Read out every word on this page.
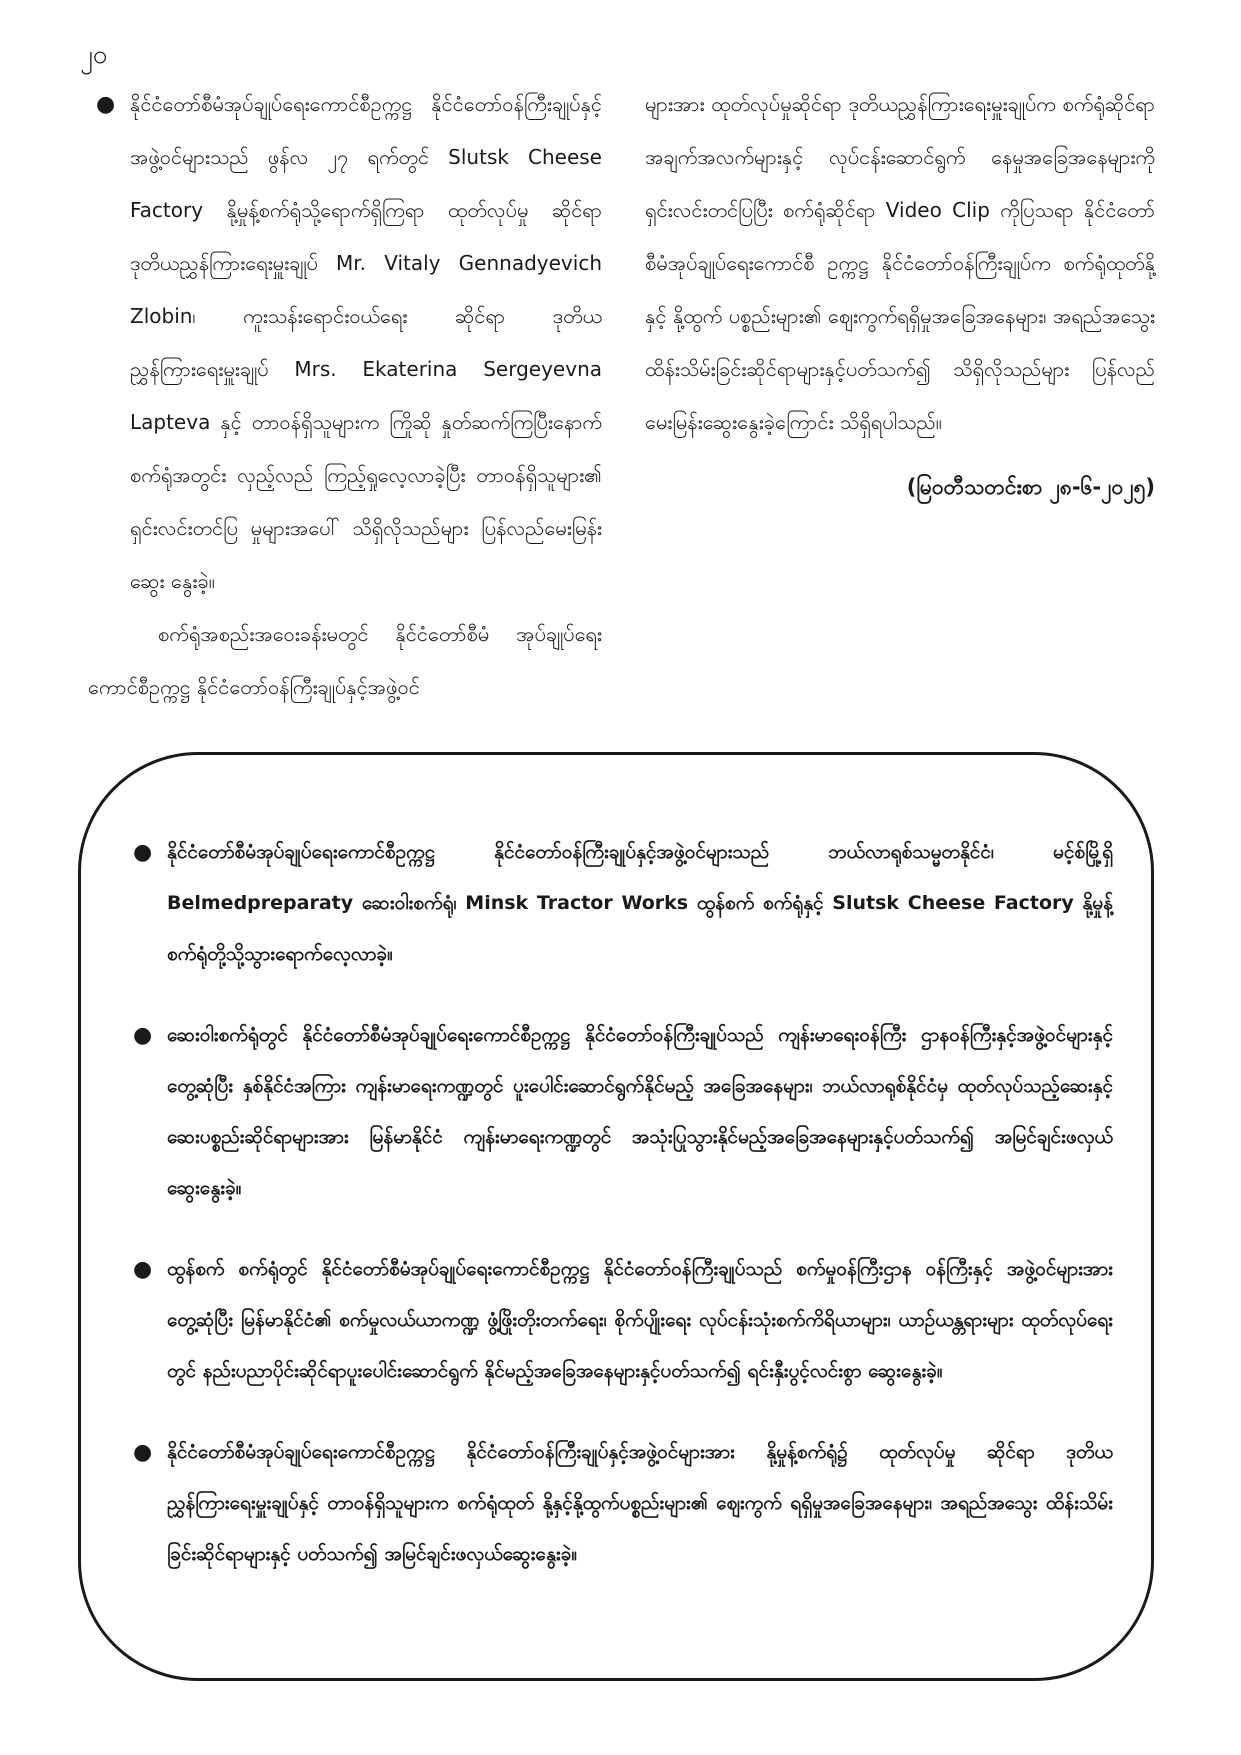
၂၀

● နိုင်ငံတော်စီမံအုပ်ချုပ်ရေးကောင်စီဥက္ကဋ္ဌ နိုင်ငံတော်ဝန်ကြီးချုပ်နှင့် အဖွဲ့ဝင်များသည် ဖွန်လ ၂၇ ရက်တွင် Slutsk Cheese Factory နို့မှုန့်စက်ရုံသို့ရောက်ရှိကြရာ ထုတ်လုပ်မှု ဆိုင်ရာ ဒုတိယညွှန်ကြားရေးမှူးချုပ် Mr. Vitaly Gennadyevich Zlobin၊ ကူးသန်းရောင်းဝယ်ရေး ဆိုင်ရာ ဒုတိယညွှန်ကြားရေးမှူးချုပ် Mrs. Ekaterina Sergeyevna Lapteva နှင့် တာဝန်ရှိသူများက ကြိုဆို နှုတ်ဆက်ကြပြီးနောက် စက်ရုံအတွင်း လှည့်လည် ကြည့်ရှုလေ့လာခဲ့ပြီး တာဝန်ရှိသူများ၏ ရှင်းလင်းတင်ပြ မှုများအပေါ် သိရှိလိုသည်များ ပြန်လည်မေးမြန်းဆွေး နွေးခဲ့။

စက်ရုံအစည်းအဝေးခန်းမတွင် နိုင်ငံတော်စီမံ အုပ်ချုပ်ရေးကောင်စီဥက္ကဋ္ဌ နိုင်ငံတော်ဝန်ကြီးချုပ်နှင့်အဖွဲ့ဝင်

များအား ထုတ်လုပ်မှုဆိုင်ရာ ဒုတိယညွှန်ကြားရေးမှူးချုပ်က စက်ရုံဆိုင်ရာအချက်အလက်များနှင့် လုပ်ငန်းဆောင်ရွက် နေမှုအခြေအနေများကို ရှင်းလင်းတင်ပြပြီး စက်ရုံဆိုင်ရာ Video Clip ကိုပြသရာ နိုင်ငံတော်စီမံအုပ်ချုပ်ရေးကောင်စီ ဥက္ကဋ္ဌ နိုင်ငံတော်ဝန်ကြီးချုပ်က စက်ရုံထုတ်နို့နှင့် နို့ထွက် ပစ္စည်းများ၏ ဈေးကွက်ရရှိမှုအခြေအနေများ၊ အရည်အသွေး ထိန်းသိမ်းခြင်းဆိုင်ရာများနှင့်ပတ်သက်၍ သိရှိလိုသည်များ ပြန်လည်မေးမြန်းဆွေးနွေးခဲ့ကြောင်း သိရှိရပါသည်။

(မြဝတီသတင်းစာ ၂၈-၆-၂၀၂၅)

● နိုင်ငံတော်စီမံအုပ်ချုပ်ရေးကောင်စီဥက္ကဋ္ဌ နိုင်ငံတော်ဝန်ကြီးချုပ်နှင့်အဖွဲ့ဝင်များသည် ဘယ်လာရုစ်သမ္မတနိုင်ငံ၊ မင့်စ်မြို့ရှိ Belmedpreparaty ဆေးဝါးစက်ရုံ၊ Minsk Tractor Works ထွန်စက် စက်ရုံနှင့် Slutsk Cheese Factory နို့မှုန့်စက်ရုံတို့သို့သွားရောက်လေ့လာခဲ့။
● ဆေးဝါးစက်ရုံတွင် နိုင်ငံတော်စီမံအုပ်ချုပ်ရေးကောင်စီဥက္ကဋ္ဌ နိုင်ငံတော်ဝန်ကြီးချုပ်သည် ကျန်းမာရေးဝန်ကြီး ဌာနဝန်ကြီးနှင့်အဖွဲ့ဝင်များနှင့်တွေ့ဆုံပြီး နှစ်နိုင်ငံအကြား ကျန်းမာရေးကဏ္ဍတွင် ပူးပေါင်းဆောင်ရွက်နိုင်မည့် အခြေအနေများ၊ ဘယ်လာရုစ်နိုင်ငံမှ ထုတ်လုပ်သည့်ဆေးနှင့် ဆေးပစ္စည်းဆိုင်ရာများအား မြန်မာနိုင်ငံ ကျန်းမာရေးကဏ္ဍတွင် အသုံးပြုသွားနိုင်မည့်အခြေအနေများနှင့်ပတ်သက်၍ အမြင်ချင်းဖလှယ်ဆွေးနွေးခဲ့။
● ထွန်စက် စက်ရုံတွင် နိုင်ငံတော်စီမံအုပ်ချုပ်ရေးကောင်စီဥက္ကဋ္ဌ နိုင်ငံတော်ဝန်ကြီးချုပ်သည် စက်မှုဝန်ကြီးဌာန ဝန်ကြီးနှင့် အဖွဲ့ဝင်များအားတွေ့ဆုံပြီး မြန်မာနိုင်ငံ၏ စက်မှုလယ်ယာကဏ္ဍ ဖွံ့ဖြိုးတိုးတက်ရေး၊ စိုက်ပျိုးရေး လုပ်ငန်းသုံးစက်ကိရိယာများ၊ ယာဉ်ယန္တရားများ ထုတ်လုပ်ရေးတွင် နည်းပညာပိုင်းဆိုင်ရာပူးပေါင်းဆောင်ရွက် နိုင်မည့်အခြေအနေများနှင့်ပတ်သက်၍ ရင်းနှီးပွင့်လင်းစွာ ဆွေးနွေးခဲ့။
● နိုင်ငံတော်စီမံအုပ်ချုပ်ရေးကောင်စီဥက္ကဋ္ဌ နိုင်ငံတော်ဝန်ကြီးချုပ်နှင့်အဖွဲ့ဝင်များအား နို့မှုန့်စက်ရုံ၌ ထုတ်လုပ်မှု ဆိုင်ရာ ဒုတိယညွှန်ကြားရေးမှူးချုပ်နှင့် တာဝန်ရှိသူများက စက်ရုံထုတ် နို့နှင့်နို့ထွက်ပစ္စည်းများ၏ ဈေးကွက် ရရှိမှုအခြေအနေများ၊ အရည်အသွေး ထိန်းသိမ်းခြင်းဆိုင်ရာများနှင့် ပတ်သက်၍ အမြင်ချင်းဖလှယ်ဆွေးနွေးခဲ့။
